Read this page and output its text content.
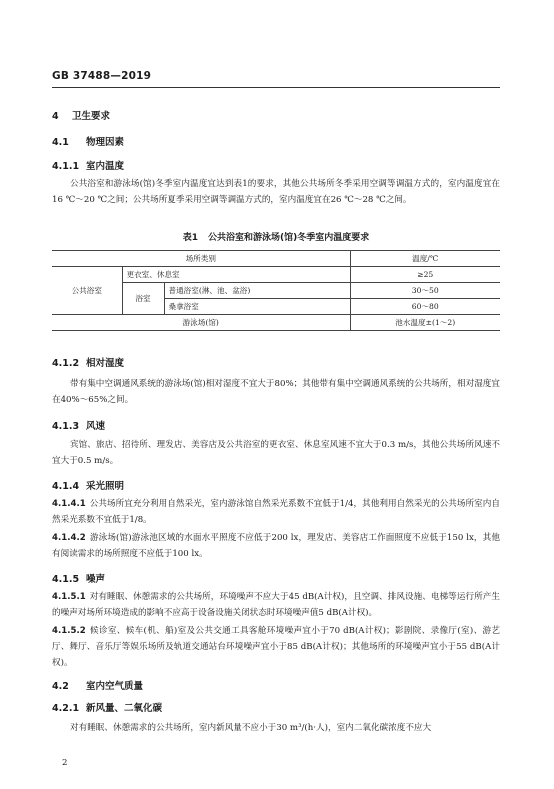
GB 37488—2019
4 卫生要求
4.1 物理因素
4.1.1 室内温度
公共浴室和游泳场(馆)冬季室内温度宜达到表1的要求，其他公共场所冬季采用空调等调温方式的，室内温度宜在16 ℃～20 ℃之间；公共场所夏季采用空调等调温方式的，室内温度宜在26 ℃～28 ℃之间。
表1 公共浴室和游泳场(馆)冬季室内温度要求
场所类别			温度/℃
公共浴室	更衣室、休息室		≥25
	浴室	普通浴室(淋、池、盆浴)	30～50
		桑拿浴室	60～80
游泳场(馆)			池水温度±(1～2)
4.1.2 相对湿度
带有集中空调通风系统的游泳场(馆)相对湿度不宜大于80%；其他带有集中空调通风系统的公共场所，相对湿度宜在40%～65%之间。
4.1.3 风速
宾馆、旅店、招待所、理发店、美容店及公共浴室的更衣室、休息室风速不宜大于0.3 m/s，其他公共场所风速不宜大于0.5 m/s。
4.1.4 采光照明
4.1.4.1 公共场所宜充分利用自然采光，室内游泳馆自然采光系数不宜低于1/4，其他利用自然采光的公共场所室内自然采光系数不宜低于1/8。
4.1.4.2 游泳场(馆)游泳池区域的水面水平照度不应低于200 lx，理发店、美容店工作面照度不应低于150 lx，其他有阅读需求的场所照度不应低于100 lx。
4.1.5 噪声
4.1.5.1 对有睡眠、休憩需求的公共场所，环境噪声不应大于45 dB(A计权)，且空调、排风设施、电梯等运行所产生的噪声对场所环境造成的影响不应高于设备设施关闭状态时环境噪声值5 dB(A计权)。
4.1.5.2 候诊室、候车(机、船)室及公共交通工具客舱环境噪声宜小于70 dB(A计权)；影剧院、录像厅(室)、游艺厅、舞厅、音乐厅等娱乐场所及轨道交通站台环境噪声宜小于85 dB(A计权)；其他场所的环境噪声宜小于55 dB(A计权)。
4.2 室内空气质量
4.2.1 新风量、二氧化碳
对有睡眠、休憩需求的公共场所，室内新风量不应小于30 m³/(h·人)，室内二氧化碳浓度不应大
2
